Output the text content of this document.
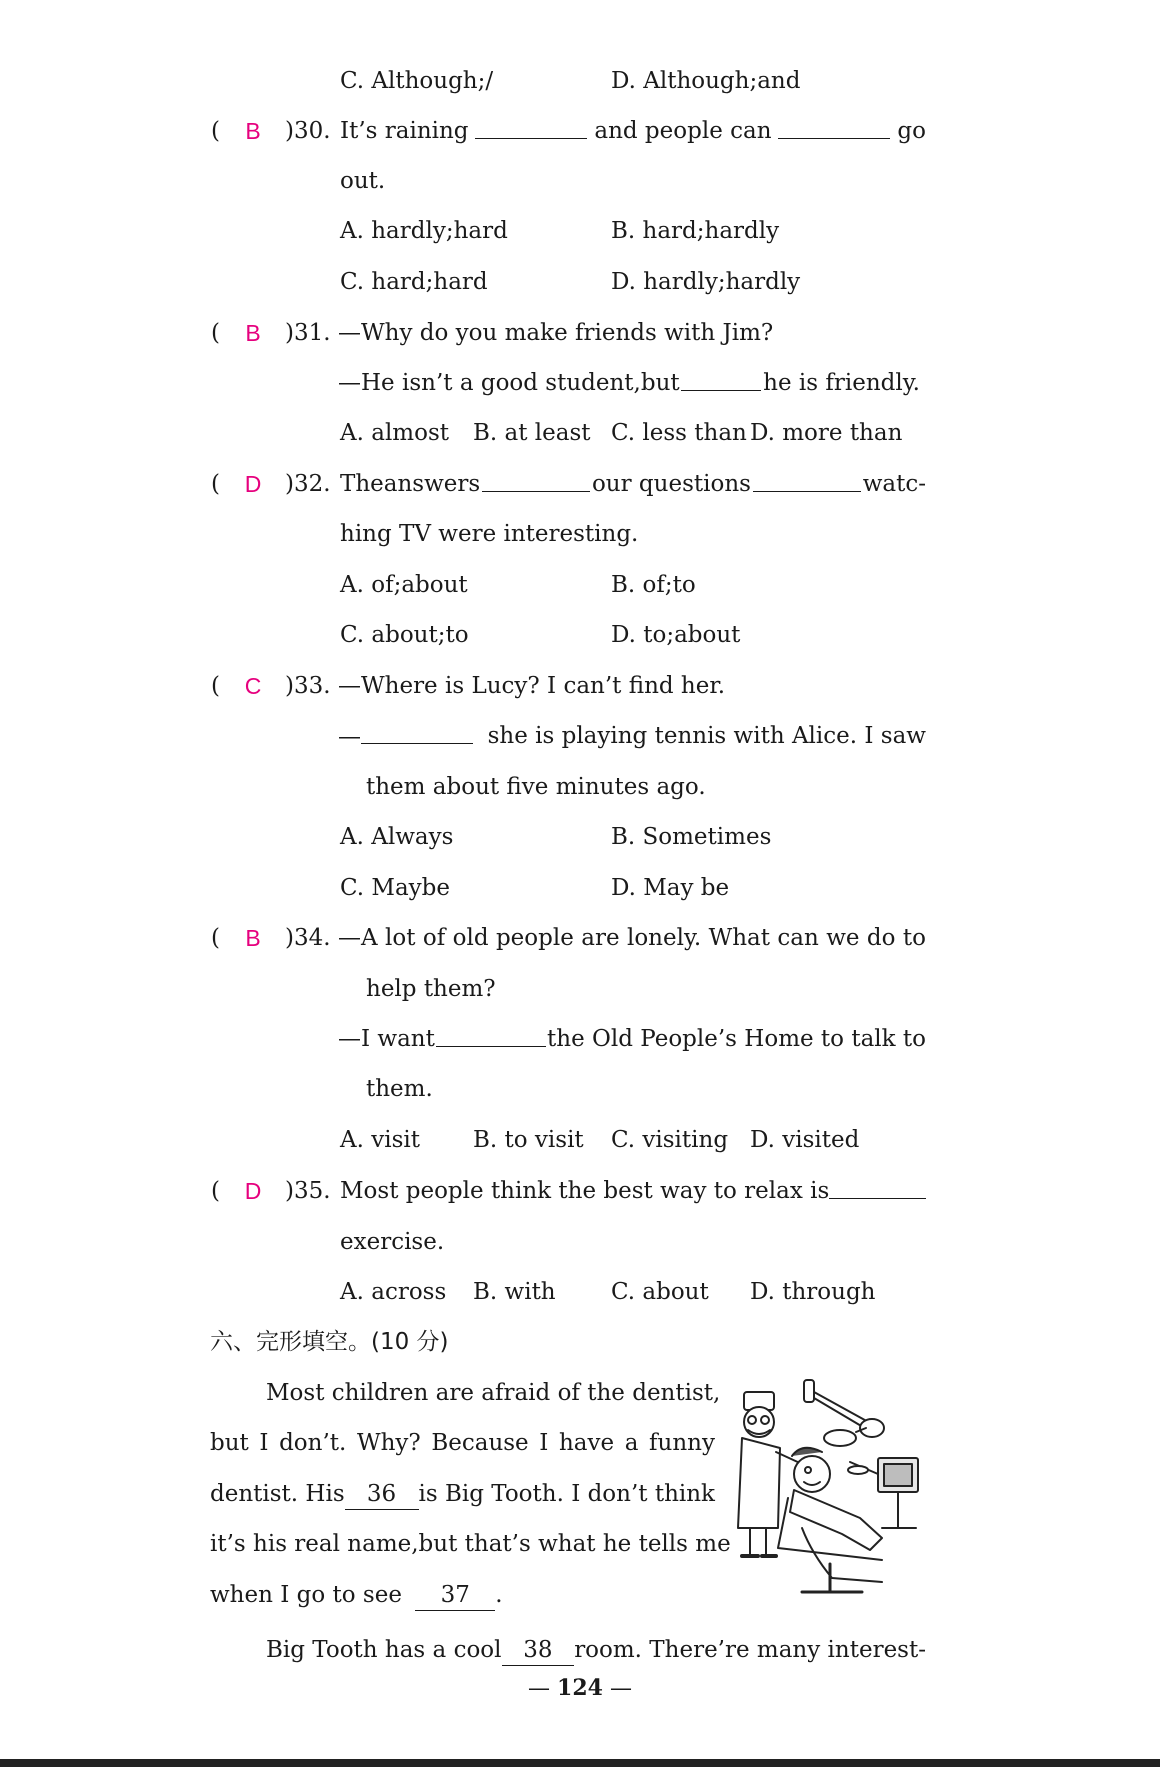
C. Although;/	D. Although;and
(	B	)30. It’s raining	and people can	go
out.
A. hardly;hard	B. hard;hardly
C. hard;hard	D. hardly;hardly
(	B	)31. —Why do you make friends with Jim?
—He isn’t a good student,but	he is friendly.
A. almost B. at least C. less than D. more than
( D )32. Theanswers	our questions	watc-
hing TV were interesting.
A. of;about	B. of;to
C. about;to	D. to;about
( C )33. —Where is Lucy? I can’t find her.
—	she is playing tennis with Alice. I saw
them about five minutes ago.
A. Always	B. Sometimes
C. Maybe	D. May be
(	B	)34. —A lot of old people are lonely. What can we do to
help them?
—I want	the Old People’s Home to talk to
them.
A. visit B. to visit C. visiting D. visited
( D )35. Most people think the best way to relax is
exercise.
A. across B. with C. about D. through
六、完形填空。(10 分)
Most children are afraid of the dentist,
but I don’t. Why? Because I have a funny
dentist. His 36 is Big Tooth. I don’t think
it’s his real name,but that’s what he tells me
when I go to see 37 .
Big Tooth has a cool 38 room. There’re many interest-
— 124 —
